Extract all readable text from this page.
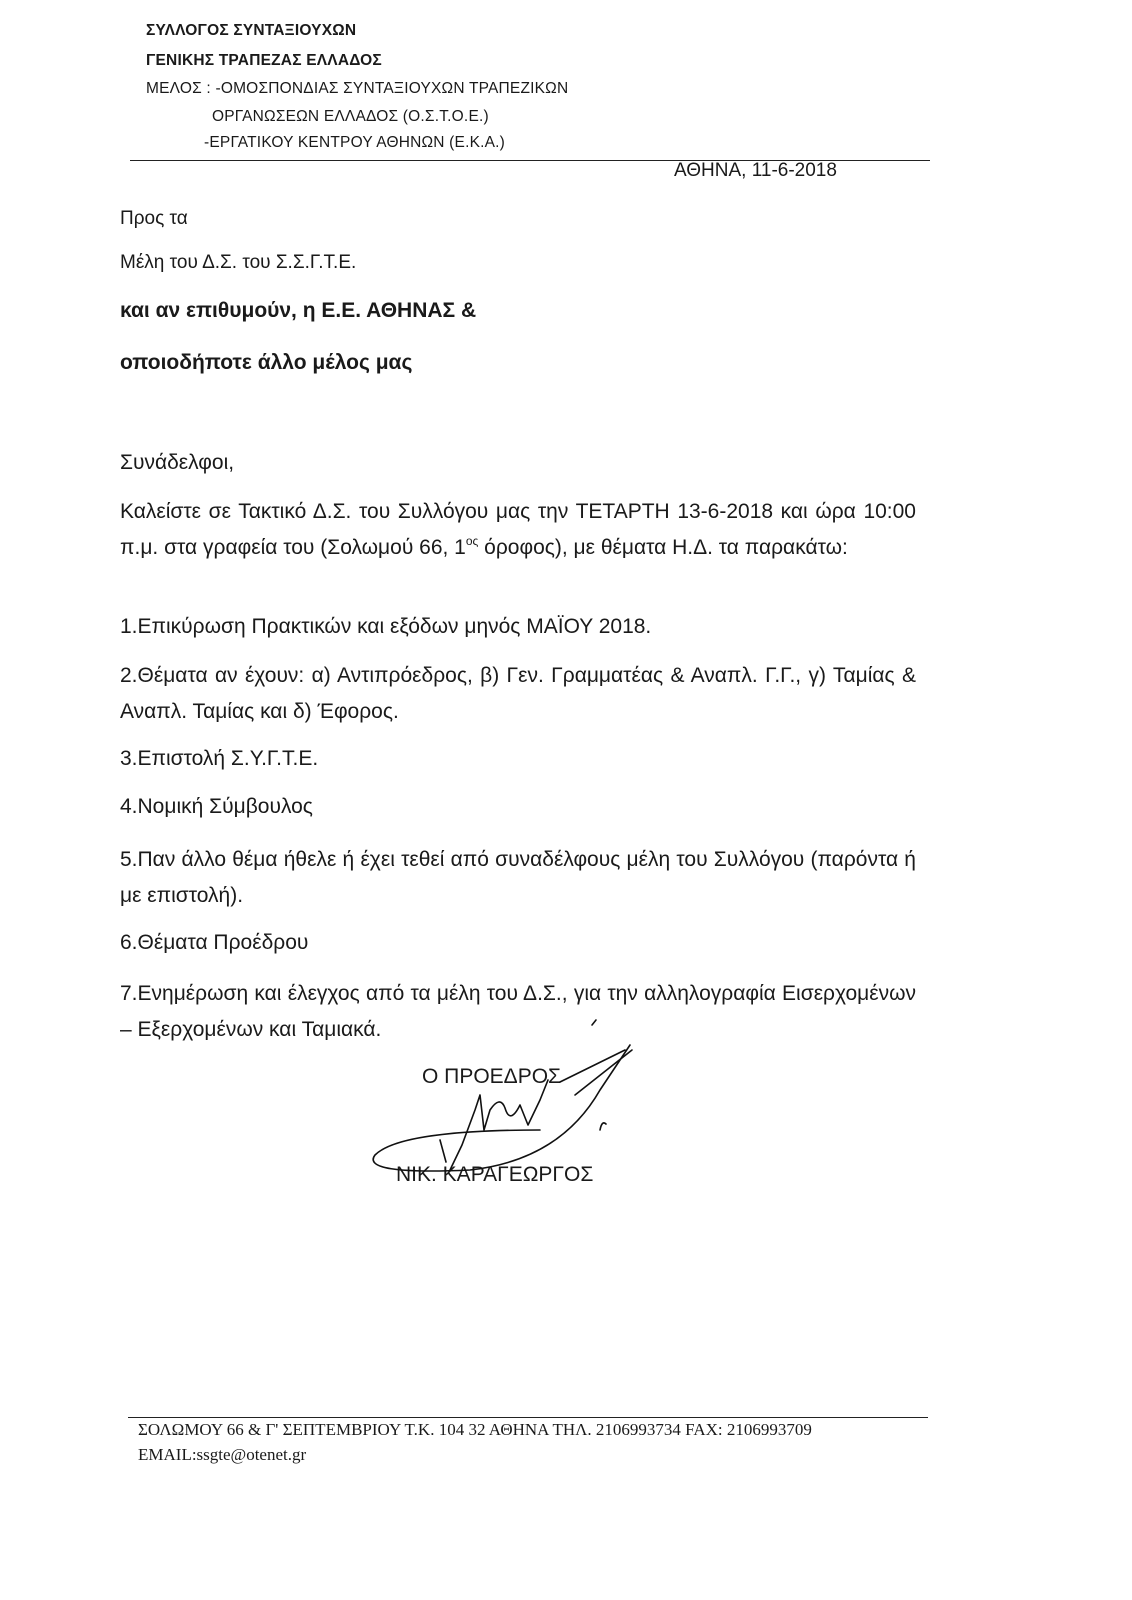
ΣΥΛΛΟΓΟΣ ΣΥΝΤΑΞΙΟΥΧΩΝ
ΓΕΝΙΚΗΣ ΤΡΑΠΕΖΑΣ ΕΛΛΑΔΟΣ
ΜΕΛΟΣ : -ΟΜΟΣΠΟΝΔΙΑΣ ΣΥΝΤΑΞΙΟΥΧΩΝ ΤΡΑΠΕΖΙΚΩΝ
ΟΡΓΑΝΩΣΕΩΝ ΕΛΛΑΔΟΣ (Ο.Σ.Τ.Ο.Ε.)
-ΕΡΓΑΤΙΚΟΥ ΚΕΝΤΡΟΥ ΑΘΗΝΩΝ (Ε.Κ.Α.)
ΑΘΗΝΑ, 11-6-2018
Προς τα
Μέλη του Δ.Σ. του Σ.Σ.Γ.Τ.Ε.
και αν επιθυμούν, η Ε.Ε. ΑΘΗΝΑΣ &
οποιοδήποτε άλλο μέλος μας
Συνάδελφοι,
Καλείστε σε Τακτικό Δ.Σ. του Συλλόγου μας την ΤΕΤΑΡΤΗ 13-6-2018 και ώρα 10:00 π.μ. στα γραφεία του (Σολωμού 66, $1^{o\varsigma}$ όροφος), με θέματα Η.Δ. τα παρακάτω:
1.Επικύρωση Πρακτικών και εξόδων μηνός ΜΑΪΟΥ 2018.
2.Θέματα αν έχουν: α) Αντιπρόεδρος, β) Γεν. Γραμματέας & Αναπλ. Γ.Γ., γ) Ταμίας & Αναπλ. Ταμίας και δ) Έφορος.
3.Επιστολή Σ.Υ.Γ.Τ.Ε.
4.Νομική Σύμβουλος
5.Παν άλλο θέμα ήθελε ή έχει τεθεί από συναδέλφους μέλη του Συλλόγου (παρόντα ή με επιστολή).
6.Θέματα Προέδρου
7.Ενημέρωση και έλεγχος από τα μέλη του Δ.Σ., για την αλληλογραφία Εισερχομένων – Εξερχομένων και Ταμιακά.
Ο ΠΡΟΕΔΡΟΣ
ΝΙΚ. ΚΑΡΑΓΕΩΡΓΟΣ
ΣΟΛΩΜΟΥ 66 & Γ' ΣΕΠΤΕΜΒΡΙΟΥ Τ.Κ. 104 32 ΑΘΗΝΑ ΤΗΛ. 2106993734 FAX: 2106993709
EMAIL:ssgte@otenet.gr
